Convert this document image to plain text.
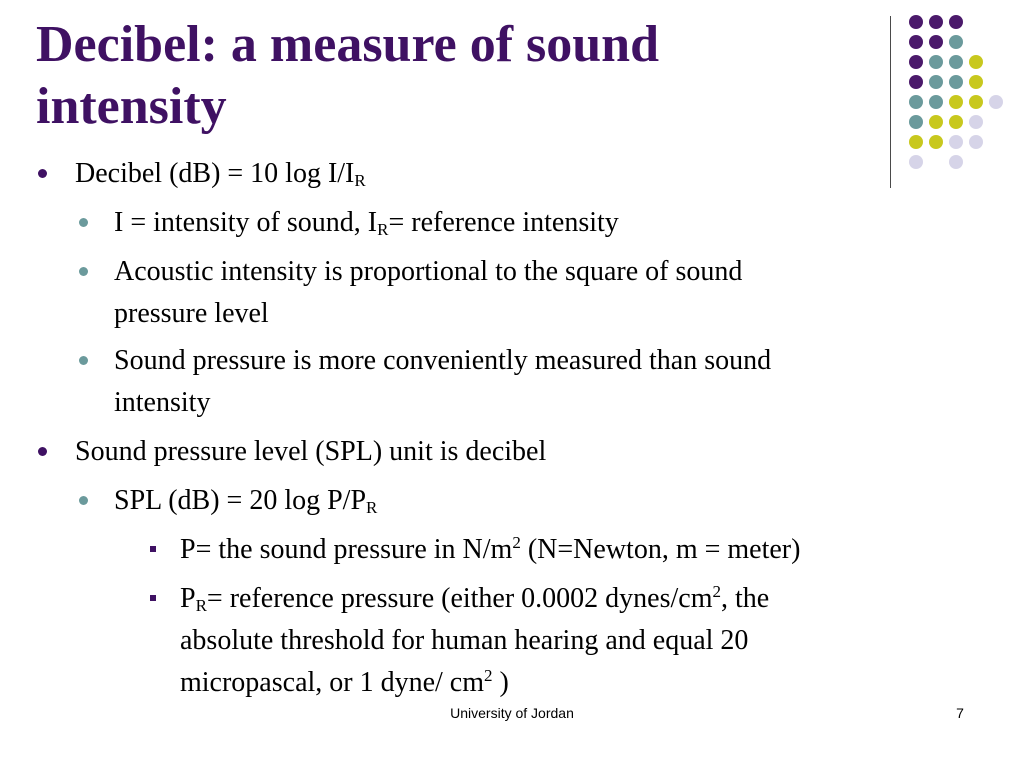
Decibel: a measure of sound
intensity
Decibel (dB) = 10 $\log I/I_R$
I = intensity of sound, $I_R=$ reference intensity
Acoustic intensity is proportional to the square of sound
pressure level
Sound pressure is more conveniently measured than sound
intensity
Sound pressure level (SPL) unit is decibel
SPL (dB) = 20 $\log P/P_R$
P= the sound pressure in $N/m^2$ (N=Newton, m = meter)
$P_R=$ reference pressure (either 0.0002 dynes/$cm^2$, the
absolute threshold for human hearing and equal 20
micropascal, or 1 dyne/ $cm^2$ )
University of Jordan	7
